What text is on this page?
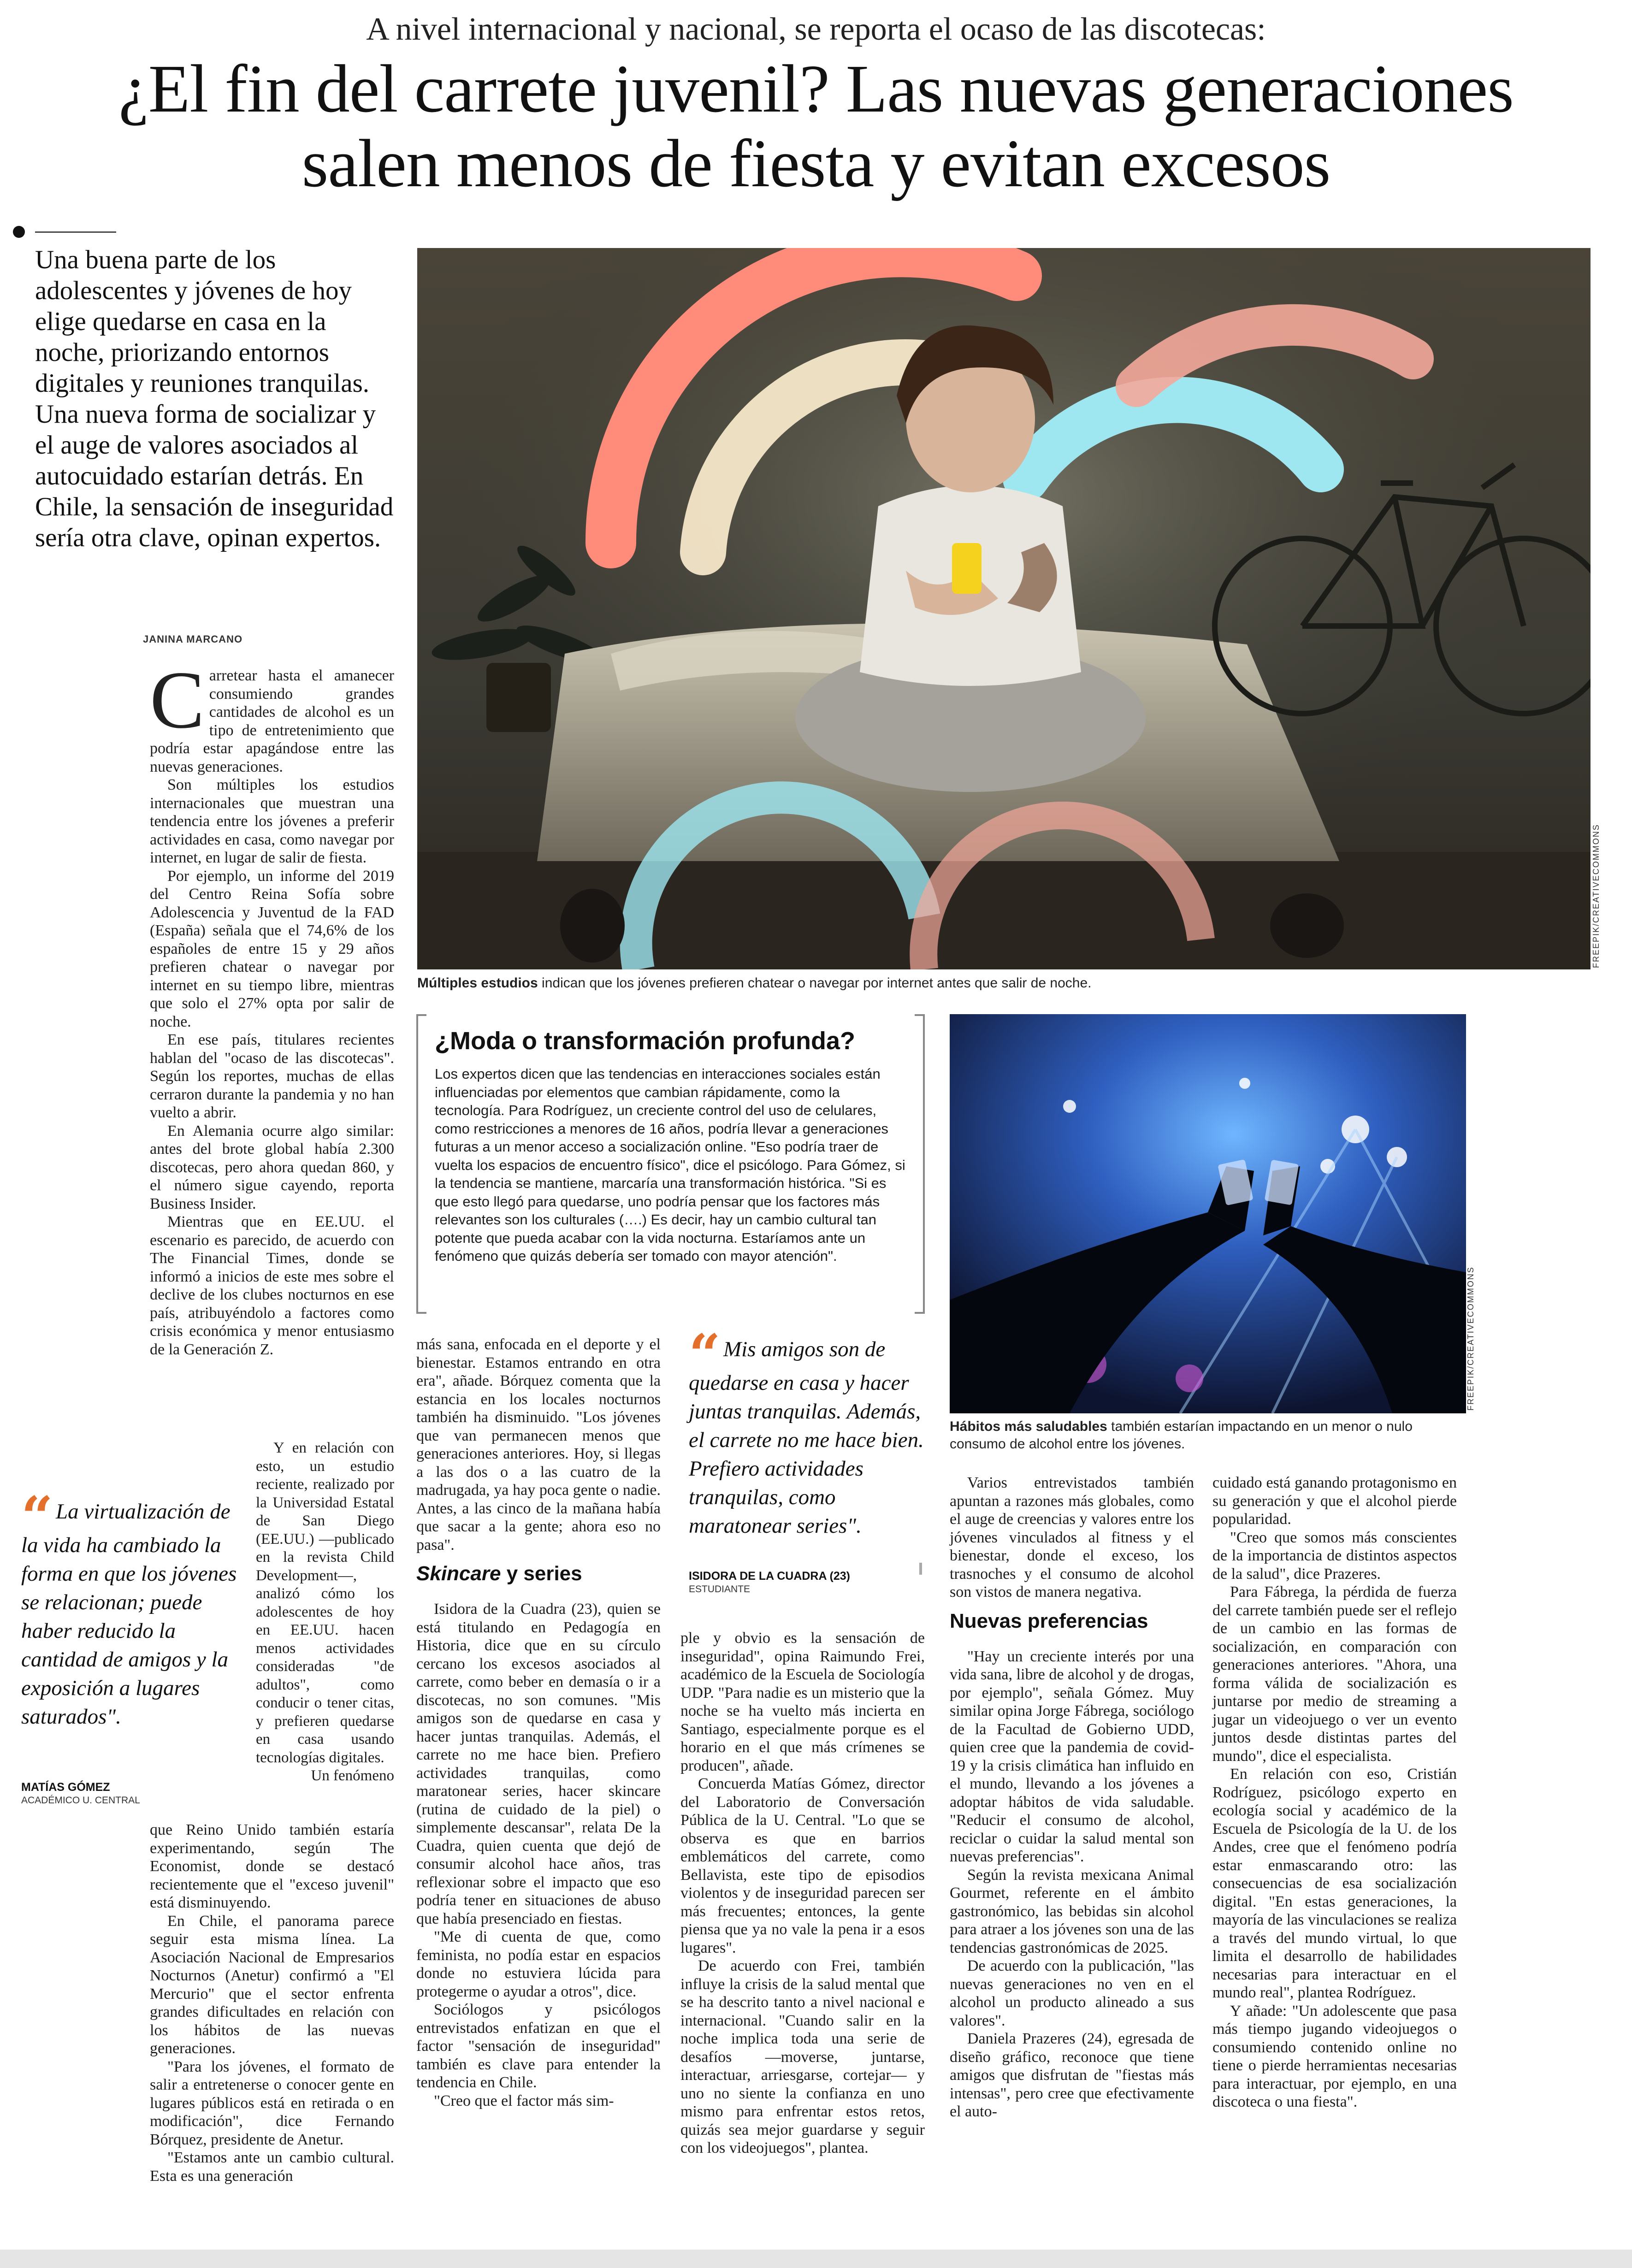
A nivel internacional y nacional, se reporta el ocaso de las discotecas:
¿El fin del carrete juvenil? Las nuevas generaciones
salen menos de fiesta y evitan excesos
Una buena parte de los adolescentes y jóvenes de hoy elige quedarse en casa en la noche, priorizando entornos digitales y reuniones tranquilas. Una nueva forma de socializar y el auge de valores asociados al autocuidado estarían detrás. En Chile, la sensación de inseguridad sería otra clave, opinan expertos.
JANINA MARCANO
FREEPIK/CREATIVECOMMONS
Múltiples estudios indican que los jóvenes prefieren chatear o navegar por internet antes que salir de noche.
¿Moda o transformación profunda?
Los expertos dicen que las tendencias en interacciones sociales están influenciadas por elementos que cambian rápidamente, como la tecnología. Para Rodríguez, un creciente control del uso de celulares, como restricciones a menores de 16 años, podría llevar a generaciones futuras a un menor acceso a socialización online. "Eso podría traer de vuelta los espacios de encuentro físico", dice el psicólogo. Para Gómez, si la tendencia se mantiene, marcaría una transformación histórica. "Si es que esto llegó para quedarse, uno podría pensar que los factores más relevantes son los culturales (….) Es decir, hay un cambio cultural tan potente que pueda acabar con la vida nocturna. Estaríamos ante un fenómeno que quizás debería ser tomado con mayor atención".
FREEPIK/CREATIVECOMMONS
Hábitos más saludables también estarían impactando en un menor o nulo consumo de alcohol entre los jóvenes.

Carretear hasta el amanecer consumiendo grandes cantidades de alcohol es un tipo de entretenimiento que podría estar apagándose entre las nuevas generaciones.

Son múltiples los estudios internacionales que muestran una tendencia entre los jóvenes a preferir actividades en casa, como navegar por internet, en lugar de salir de fiesta.

Por ejemplo, un informe del 2019 del Centro Reina Sofía sobre Adolescencia y Juventud de la FAD (España) señala que el 74,6% de los españoles de entre 15 y 29 años prefieren chatear o navegar por internet en su tiempo libre, mientras que solo el 27% opta por salir de noche.

En ese país, titulares recientes hablan del "ocaso de las discotecas". Según los reportes, muchas de ellas cerraron durante la pandemia y no han vuelto a abrir.

En Alemania ocurre algo similar: antes del brote global había 2.300 discotecas, pero ahora quedan 860, y el número sigue cayendo, reporta Business Insider.

Mientras que en EE.UU. el escenario es parecido, de acuerdo con The Financial Times, donde se informó a inicios de este mes sobre el declive de los clubes nocturnos en ese país, atribuyéndolo a factores como crisis económica y menor entusiasmo de la Generación Z.

Y en relación con esto, un estudio reciente, realizado por la Universidad Estatal de San Diego (EE.UU.) —publicado en la revista Child Development—, analizó cómo los adolescentes de hoy en EE.UU. hacen menos actividades consideradas "de adultos", como conducir o tener citas, y prefieren quedarse en casa usando tecnologías digitales.

Un fenómeno

que Reino Unido también estaría experimentando, según The Economist, donde se destacó recientemente que el "exceso juvenil" está disminuyendo.

En Chile, el panorama parece seguir esta misma línea. La Asociación Nacional de Empresarios Nocturnos (Anetur) confirmó a "El Mercurio" que el sector enfrenta grandes dificultades en relación con los hábitos de las nuevas generaciones.

"Para los jóvenes, el formato de salir a entretenerse o conocer gente en lugares públicos está en retirada o en modificación", dice Fernando Bórquez, presidente de Anetur.

"Estamos ante un cambio cultural. Esta es una generación

“ La virtualización de la vida ha cambiado la forma en que los jóvenes se relacionan; puede haber reducido la cantidad de amigos y la exposición a lugares saturados".
MATÍAS GÓMEZ
ACADÉMICO U. CENTRAL

más sana, enfocada en el deporte y el bienestar. Estamos entrando en otra era", añade. Bórquez comenta que la estancia en los locales nocturnos también ha disminuido. "Los jóvenes que van permanecen menos que generaciones anteriores. Hoy, si llegas a las dos o a las cuatro de la madrugada, ya hay poca gente o nadie. Antes, a las cinco de la mañana había que sacar a la gente; ahora eso no pasa".

Skincare y series

Isidora de la Cuadra (23), quien se está titulando en Pedagogía en Historia, dice que en su círculo cercano los excesos asociados al carrete, como beber en demasía o ir a discotecas, no son comunes. "Mis amigos son de quedarse en casa y hacer juntas tranquilas. Además, el carrete no me hace bien. Prefiero actividades tranquilas, como maratonear series, hacer skincare (rutina de cuidado de la piel) o simplemente descansar", relata De la Cuadra, quien cuenta que dejó de consumir alcohol hace años, tras reflexionar sobre el impacto que eso podría tener en situaciones de abuso que había presenciado en fiestas.

"Me di cuenta de que, como feminista, no podía estar en espacios donde no estuviera lúcida para protegerme o ayudar a otros", dice.

Sociólogos y psicólogos entrevistados enfatizan en que el factor "sensación de inseguridad" también es clave para entender la tendencia en Chile.

"Creo que el factor más sim-

“ Mis amigos son de quedarse en casa y hacer juntas tranquilas. Además, el carrete no me hace bien. Prefiero actividades tranquilas, como maratonear series".
ISIDORA DE LA CUADRA (23)
ESTUDIANTE

ple y obvio es la sensación de inseguridad", opina Raimundo Frei, académico de la Escuela de Sociología UDP. "Para nadie es un misterio que la noche se ha vuelto más incierta en Santiago, especialmente porque es el horario en el que más crímenes se producen", añade.

Concuerda Matías Gómez, director del Laboratorio de Conversación Pública de la U. Central. "Lo que se observa es que en barrios emblemáticos del carrete, como Bellavista, este tipo de episodios violentos y de inseguridad parecen ser más frecuentes; entonces, la gente piensa que ya no vale la pena ir a esos lugares".

De acuerdo con Frei, también influye la crisis de la salud mental que se ha descrito tanto a nivel nacional e internacional. "Cuando salir en la noche implica toda una serie de desafíos —moverse, juntarse, interactuar, arriesgarse, cortejar— y uno no siente la confianza en uno mismo para enfrentar estos retos, quizás sea mejor guardarse y seguir con los videojuegos", plantea.

Varios entrevistados también apuntan a razones más globales, como el auge de creencias y valores entre los jóvenes vinculados al fitness y el bienestar, donde el exceso, los trasnoches y el consumo de alcohol son vistos de manera negativa.

Nuevas preferencias

"Hay un creciente interés por una vida sana, libre de alcohol y de drogas, por ejemplo", señala Gómez. Muy similar opina Jorge Fábrega, sociólogo de la Facultad de Gobierno UDD, quien cree que la pandemia de covid-19 y la crisis climática han influido en el mundo, llevando a los jóvenes a adoptar hábitos de vida saludable. "Reducir el consumo de alcohol, reciclar o cuidar la salud mental son nuevas preferencias".

Según la revista mexicana Animal Gourmet, referente en el ámbito gastronómico, las bebidas sin alcohol para atraer a los jóvenes son una de las tendencias gastronómicas de 2025.

De acuerdo con la publicación, "las nuevas generaciones no ven en el alcohol un producto alineado a sus valores".

Daniela Prazeres (24), egresada de diseño gráfico, reconoce que tiene amigos que disfrutan de "fiestas más intensas", pero cree que efectivamente el auto-

cuidado está ganando protagonismo en su generación y que el alcohol pierde popularidad.

"Creo que somos más conscientes de la importancia de distintos aspectos de la salud", dice Prazeres.

Para Fábrega, la pérdida de fuerza del carrete también puede ser el reflejo de un cambio en las formas de socialización, en comparación con generaciones anteriores. "Ahora, una forma válida de socialización es juntarse por medio de streaming a jugar un videojuego o ver un evento juntos desde distintas partes del mundo", dice el especialista.

En relación con eso, Cristián Rodríguez, psicólogo experto en ecología social y académico de la Escuela de Psicología de la U. de los Andes, cree que el fenómeno podría estar enmascarando otro: las consecuencias de esa socialización digital. "En estas generaciones, la mayoría de las vinculaciones se realiza a través del mundo virtual, lo que limita el desarrollo de habilidades necesarias para interactuar en el mundo real", plantea Rodríguez.

Y añade: "Un adolescente que pasa más tiempo jugando videojuegos o consumiendo contenido online no tiene o pierde herramientas necesarias para interactuar, por ejemplo, en una discoteca o una fiesta".
